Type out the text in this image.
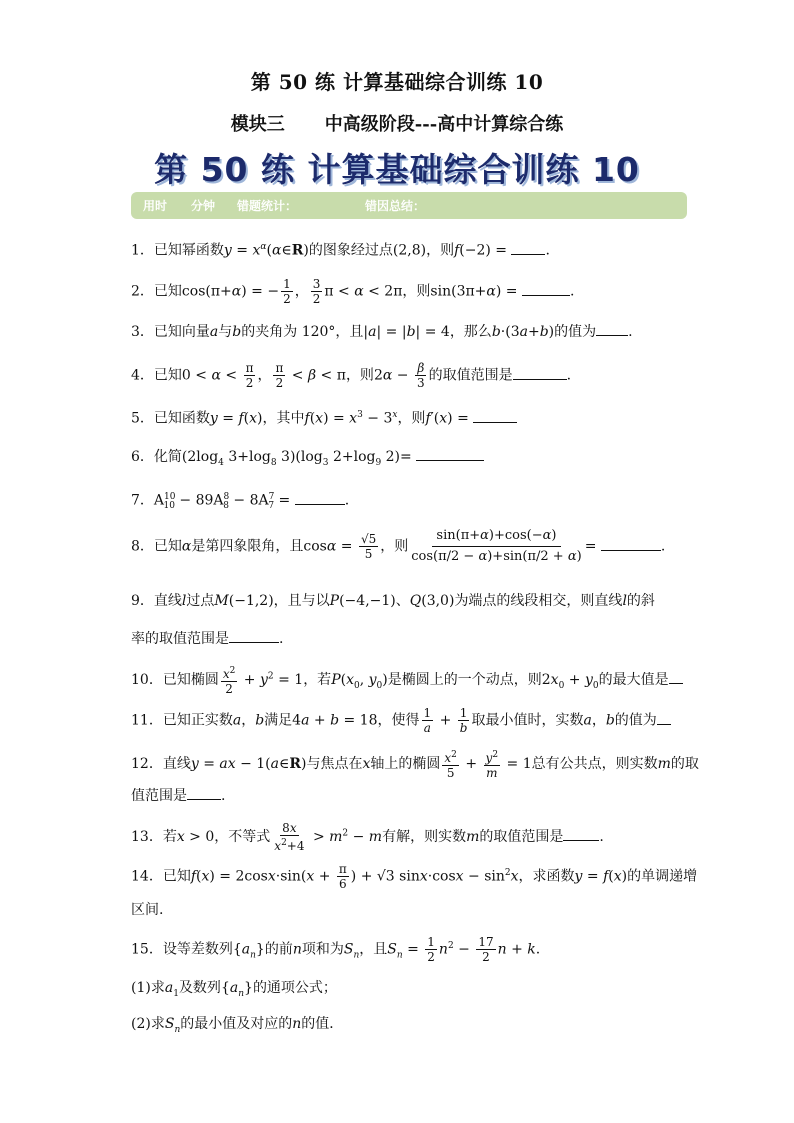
第 50 练 计算基础综合训练 10
模块三 中高级阶段---高中计算综合练
第 50 练 计算基础综合训练 10
用时 分钟 错题统计：	错因总结：
1．已知幂函数$y = x^\alpha(\alpha\in R)$的图象经过点(2,8)，则f(−2) = .
2．已知cos(π+α) = − $\frac{1}{2}$ ， $\frac{3}{2}$ π < α < 2π，则sin(3π+α) =	.
3．已知向量a与b的夹角为 120°，且|a| = |b| = 4，那么b·(3a+b)的值为 .
4．已知$0 < \alpha < \frac{\pi}{2}$ ， $\frac{\pi}{2} < \beta < \pi$，则$2\alpha - \frac{\beta}{3}$ 的取值范围是	.
5．已知函数y = f(x)，其中$f(x) = x^3 - 3^x$，则f′(x) =
6．化简($2\log_4$ $3+\log_8$ $3)(\log_3$ $2+\log_9$ 2)=
7．$A^{10}_{10} - 89A^8_8 - 8A^7_7$ =	.
8．已知α是第四象限角，且$\cos\alpha = \frac{√5}{5}$ ，则 $\frac{\sin(\pi+\alpha)+\cos(-\alpha)}{\cos(\pi/2 - \alpha)+\sin(\pi/2 + \alpha)}$ =	.
9．直线l过点M(−1,2)，且与以P(−4,−1)、Q(3,0)为端点的线段相交，则直线l的斜
率的取值范围是	.
10．已知椭圆 $\frac{x^2}{2} + y^2 = 1$，若$P(x_0$, $y_0$)是椭圆上的一个动点，则$2x_0 + y_0$的最大值是
11．已知正实数a，b满足4a + b = 18，使得 $\frac{1}{a} + \frac{1}{b}$ 取最小值时，实数a，b的值为
12．直线y = ax − 1(a∈R)与焦点在x轴上的椭圆 $\frac{x^2}{5} + \frac{y^2}{m} = 1$总有公共点，则实数m的取
值范围是 .
13．若x > 0，不等式 $\frac{8x}{x^2+4} > m^2 - m$有解，则实数m的取值范围是	.
14．已知$f(x) = 2\cos x\cdot\sin(x + \frac{\pi}{6}$ ) + √3 $\sin x\cdot\cos x - \sin^2x$，求函数y = f(x)的单调递增
区间.
15．设等差数列$\{a_n\}$的前n项和为$S_n$，且$S_n = \frac{1}{2} n^2 - \frac{17}{2}$ n + k.
(1)求$a_1$及数列$\{a_n\}$的通项公式；
(2)求$S_n$的最小值及对应的n的值．
